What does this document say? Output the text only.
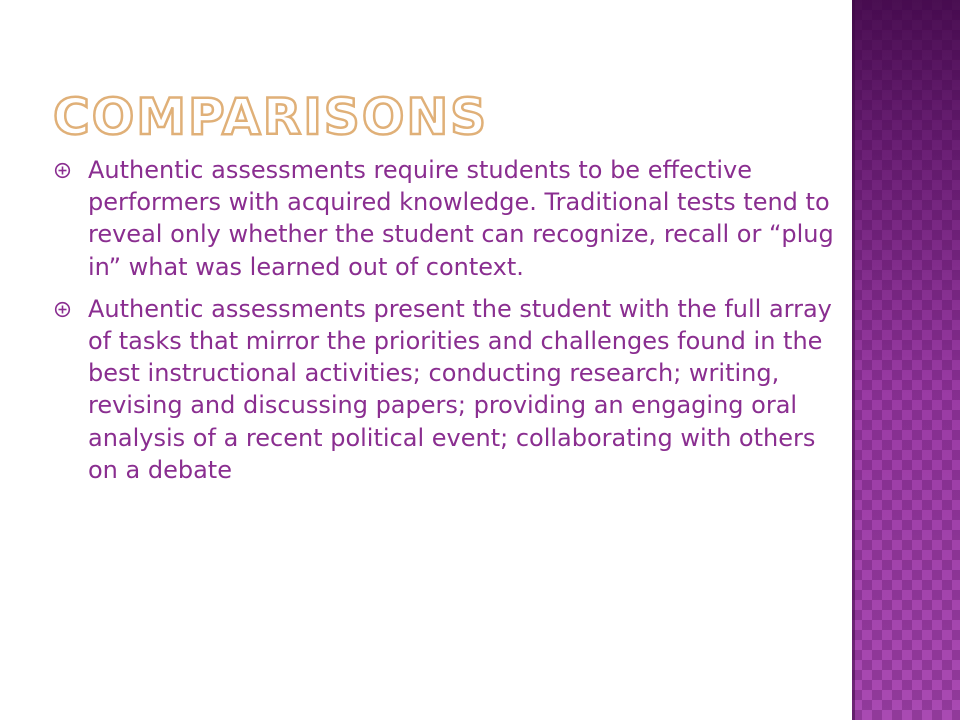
COMPARISONS
Authentic assessments require students to be effective performers with acquired knowledge. Traditional tests tend to reveal only whether the student can recognize, recall or “plug in” what was learned out of context.
Authentic assessments present the student with the full array of tasks that mirror the priorities and challenges found in the best instructional activities; conducting research; writing, revising and discussing papers; providing an engaging oral analysis of a recent political event; collaborating with others on a debate
